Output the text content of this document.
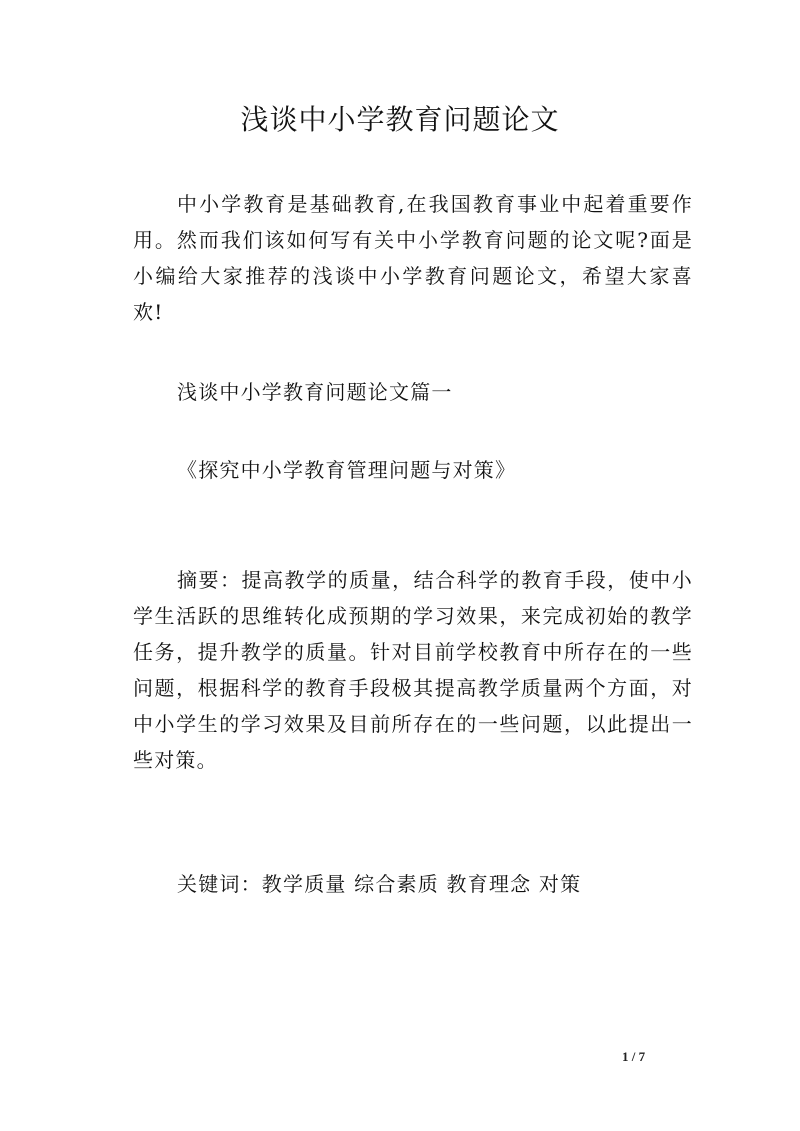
浅谈中小学教育问题论文
中小学教育是基础教育,在我国教育事业中起着重要作用。然而我们该如何写有关中小学教育问题的论文呢?面是小编给大家推荐的浅谈中小学教育问题论文，希望大家喜欢!
浅谈中小学教育问题论文篇一
《探究中小学教育管理问题与对策》
摘要：提高教学的质量，结合科学的教育手段，使中小学生活跃的思维转化成预期的学习效果，来完成初始的教学任务，提升教学的质量。针对目前学校教育中所存在的一些问题，根据科学的教育手段极其提高教学质量两个方面，对中小学生的学习效果及目前所存在的一些问题，以此提出一些对策。
关键词：教学质量 综合素质 教育理念 对策
1 / 7
